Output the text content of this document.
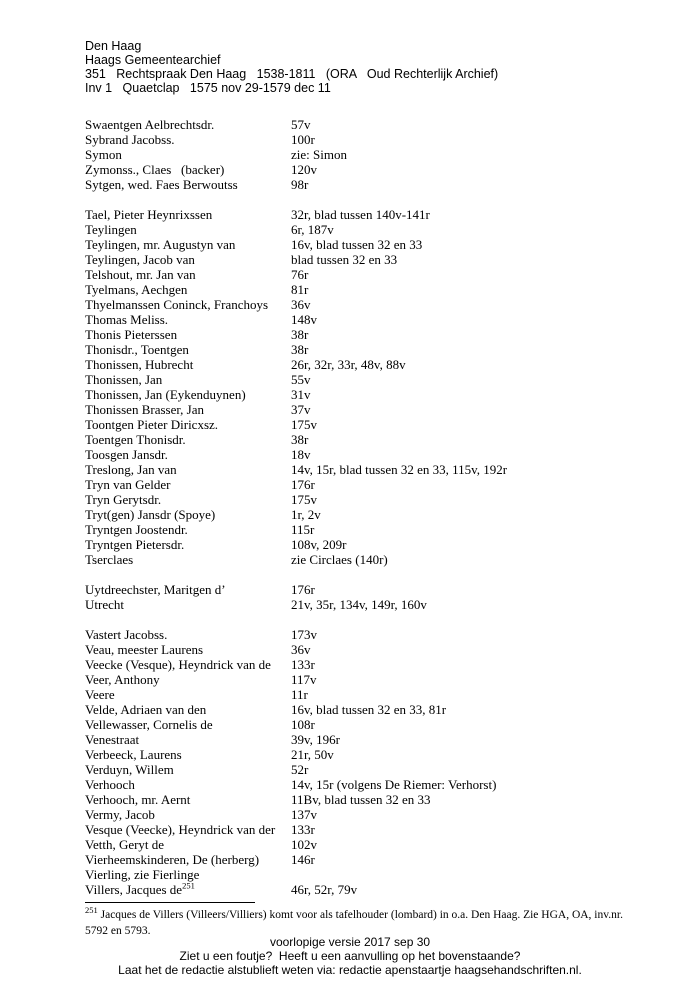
Den Haag
Haags Gemeentearchief
351   Rechtspraak Den Haag   1538-1811   (ORA   Oud Rechterlijk Archief)
Inv 1   Quaetclap   1575 nov 29-1579 dec 11
Swaentgen Aelbrechtsdr.	57v
Sybrand Jacobss.	100r
Symon	zie: Simon
Zymonss., Claes   (backer)	120v
Sytgen, wed. Faes Berwoutss	98r
Tael, Pieter Heynrixssen	32r, blad tussen 140v-141r
Teylingen	6r, 187v
Teylingen, mr. Augustyn van	16v, blad tussen 32 en 33
Teylingen, Jacob van	blad tussen 32 en 33
Telshout, mr. Jan van	76r
Tyelmans, Aechgen	81r
Thyelmanssen Coninck, Franchoys	36v
Thomas Meliss.	148v
Thonis Pieterssen	38r
Thonisdr., Toentgen	38r
Thonissen, Hubrecht	26r, 32r, 33r, 48v, 88v
Thonissen, Jan	55v
Thonissen, Jan (Eykenduynen)	31v
Thonissen Brasser, Jan	37v
Toontgen Pieter Diricxsz.	175v
Toentgen Thonisdr.	38r
Toosgen Jansdr.	18v
Treslong, Jan van	14v, 15r, blad tussen 32 en 33, 115v, 192r
Tryn van Gelder	176r
Tryn Gerytsdr.	175v
Tryt(gen) Jansdr (Spoye)	1r, 2v
Tryntgen Joostendr.	115r
Tryntgen Pietersdr.	108v, 209r
Tserclaes	zie Circlaes (140r)
Uytdreechster, Maritgen d’	176r
Utrecht	21v, 35r, 134v, 149r, 160v
Vastert Jacobss.	173v
Veau, meester Laurens	36v
Veecke (Vesque), Heyndrick van de	133r
Veer, Anthony	117v
Veere	11r
Velde, Adriaen van den	16v, blad tussen 32 en 33, 81r
Vellewasser, Cornelis de	108r
Venestraat	39v, 196r
Verbeeck, Laurens	21r, 50v
Verduyn, Willem	52r
Verhooch	14v, 15r (volgens De Riemer: Verhorst)
Verhooch, mr. Aernt	11Bv, blad tussen 32 en 33
Vermy, Jacob	137v
Vesque (Veecke), Heyndrick van der	133r
Vetth, Geryt de	102v
Vierheemskinderen, De (herberg)	146r
Vierling, zie Fierlinge
Villers, Jacques $de^{251}$	46r, 52r, 79v
$^{251}$ Jacques de Villers (Villeers/Villiers) komt voor als tafelhouder (lombard) in o.a. Den Haag. Zie HGA, OA, inv.nr. 5792 en 5793.
voorlopige versie 2017 sep 30
Ziet u een foutje?  Heeft u een aanvulling op het bovenstaande?
Laat het de redactie alstublieft weten via: redactie apenstaartje haagsehandschriften.nl.
